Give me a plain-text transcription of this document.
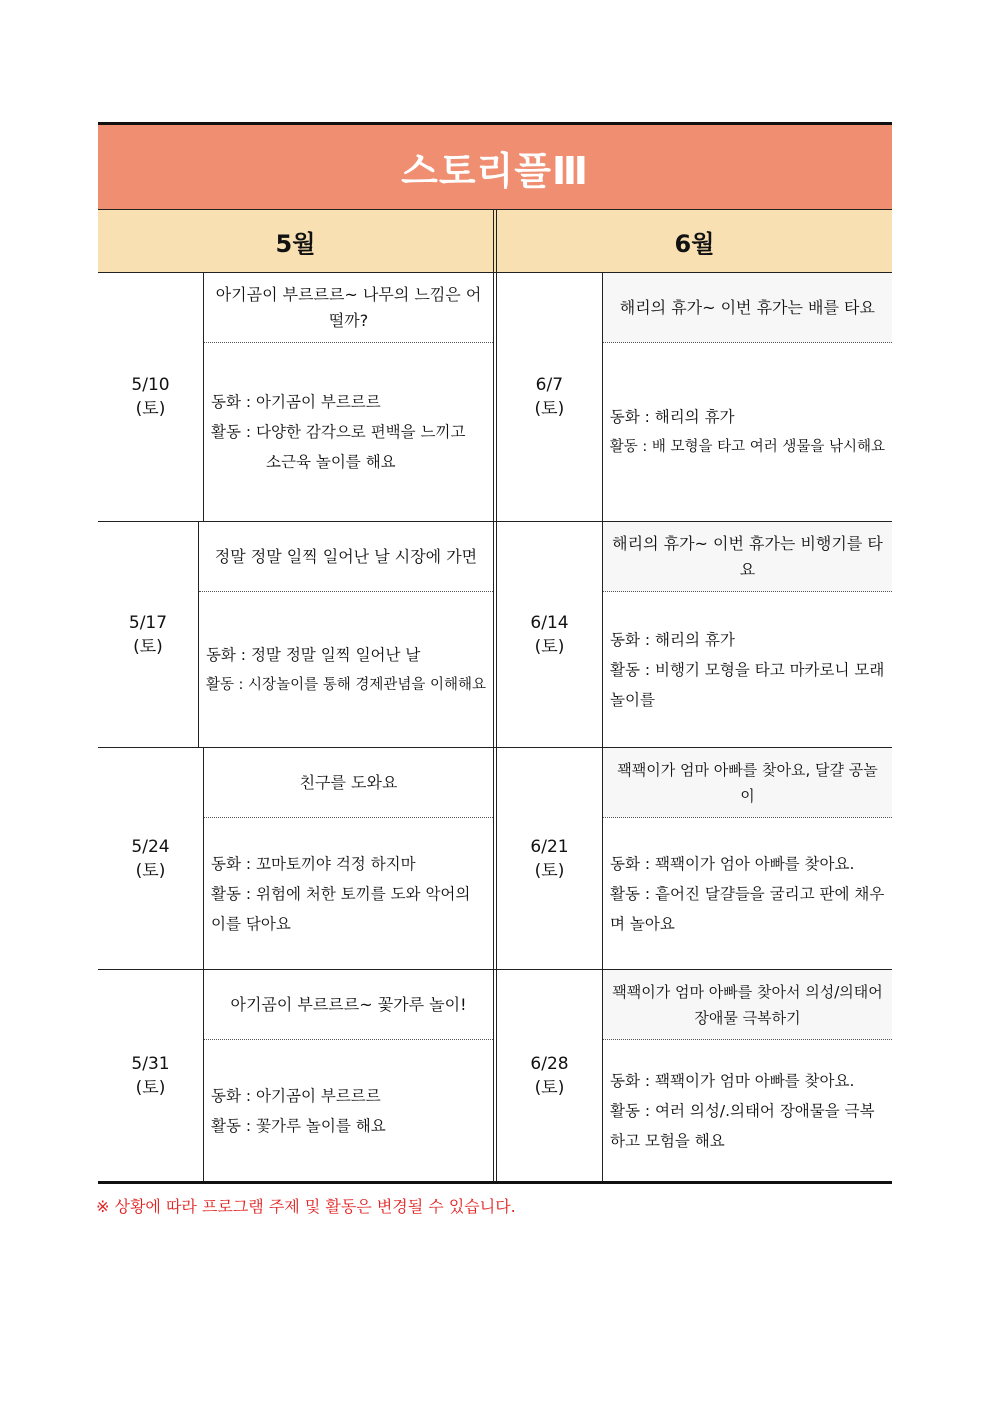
스토리플Ⅲ
5월	6월
5/10
(토)
아기곰이 부르르르~ 나무의 느낌은 어떨까?
동화 : 아기곰이 부르르르
활동 : 다양한 감각으로 편백을 느끼고
소근육 놀이를 해요
6/7
(토)
해리의 휴가~ 이번 휴가는 배를 타요
동화 : 해리의 휴가
활동 : 배 모형을 타고 여러 생물을 낚시해요
5/17
(토)
정말 정말 일찍 일어난 날 시장에 가면
동화 : 정말 정말 일찍 일어난 날
활동 : 시장놀이를 통해 경제관념을 이해해요
6/14
(토)
해리의 휴가~ 이번 휴가는 비행기를 타요
동화 : 해리의 휴가
활동 : 비행기 모형을 타고 마카로니 모래 놀이를
5/24
(토)
친구를 도와요
동화 : 꼬마토끼야 걱정 하지마
활동 : 위험에 처한 토끼를 도와 악어의 이를 닦아요
6/21
(토)
꽥꽥이가 엄마 아빠를 찾아요, 달걀 공놀이
동화 : 꽥꽥이가 엄아 아빠를 찾아요.
활동 : 흩어진 달걀들을 굴리고 판에 채우며 놀아요
5/31
(토)
아기곰이 부르르르~ 꽃가루 놀이!
동화 : 아기곰이 부르르르
활동 : 꽃가루 놀이를 해요
6/28
(토)
꽥꽥이가 엄마 아빠를 찾아서 의성/의태어 장애물 극복하기
동화 : 꽥꽥이가 엄마 아빠를 찾아요.
활동 : 여러 의성/.의태어 장애물을 극복하고 모험을 해요
※ 상황에 따라 프로그램 주제 및 활동은 변경될 수 있습니다.
